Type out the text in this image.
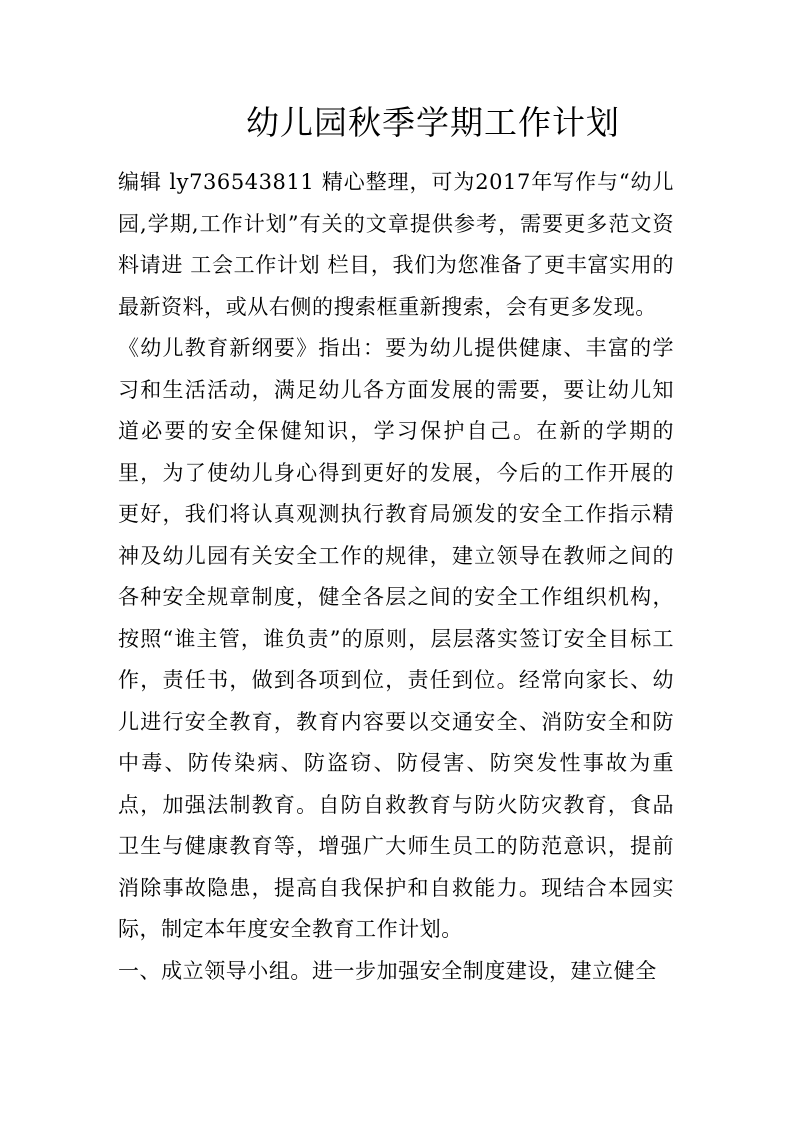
幼儿园秋季学期工作计划

编辑 ly736543811 精心整理，可为2017年写作与“幼儿园,学期,工作计划”有关的文章提供参考，需要更多范文资料请进 工会工作计划 栏目，我们为您准备了更丰富实用的最新资料，或从右侧的搜索框重新搜索，会有更多发现。

《幼儿教育新纲要》指出：要为幼儿提供健康、丰富的学习和生活活动，满足幼儿各方面发展的需要，要让幼儿知道必要的安全保健知识，学习保护自己。在新的学期的里，为了使幼儿身心得到更好的发展，今后的工作开展的更好，我们将认真观测执行教育局颁发的安全工作指示精神及幼儿园有关安全工作的规律，建立领导在教师之间的各种安全规章制度，健全各层之间的安全工作组织机构，按照“谁主管，谁负责”的原则，层层落实签订安全目标工作，责任书，做到各项到位，责任到位。经常向家长、幼儿进行安全教育，教育内容要以交通安全、消防安全和防中毒、防传染病、防盗窃、防侵害、防突发性事故为重点，加强法制教育。自防自救教育与防火防灾教育，食品卫生与健康教育等，增强广大师生员工的防范意识，提前消除事故隐患，提高自我保护和自救能力。现结合本园实际，制定本年度安全教育工作计划。

一、成立领导小组。进一步加强安全制度建设，建立健全
